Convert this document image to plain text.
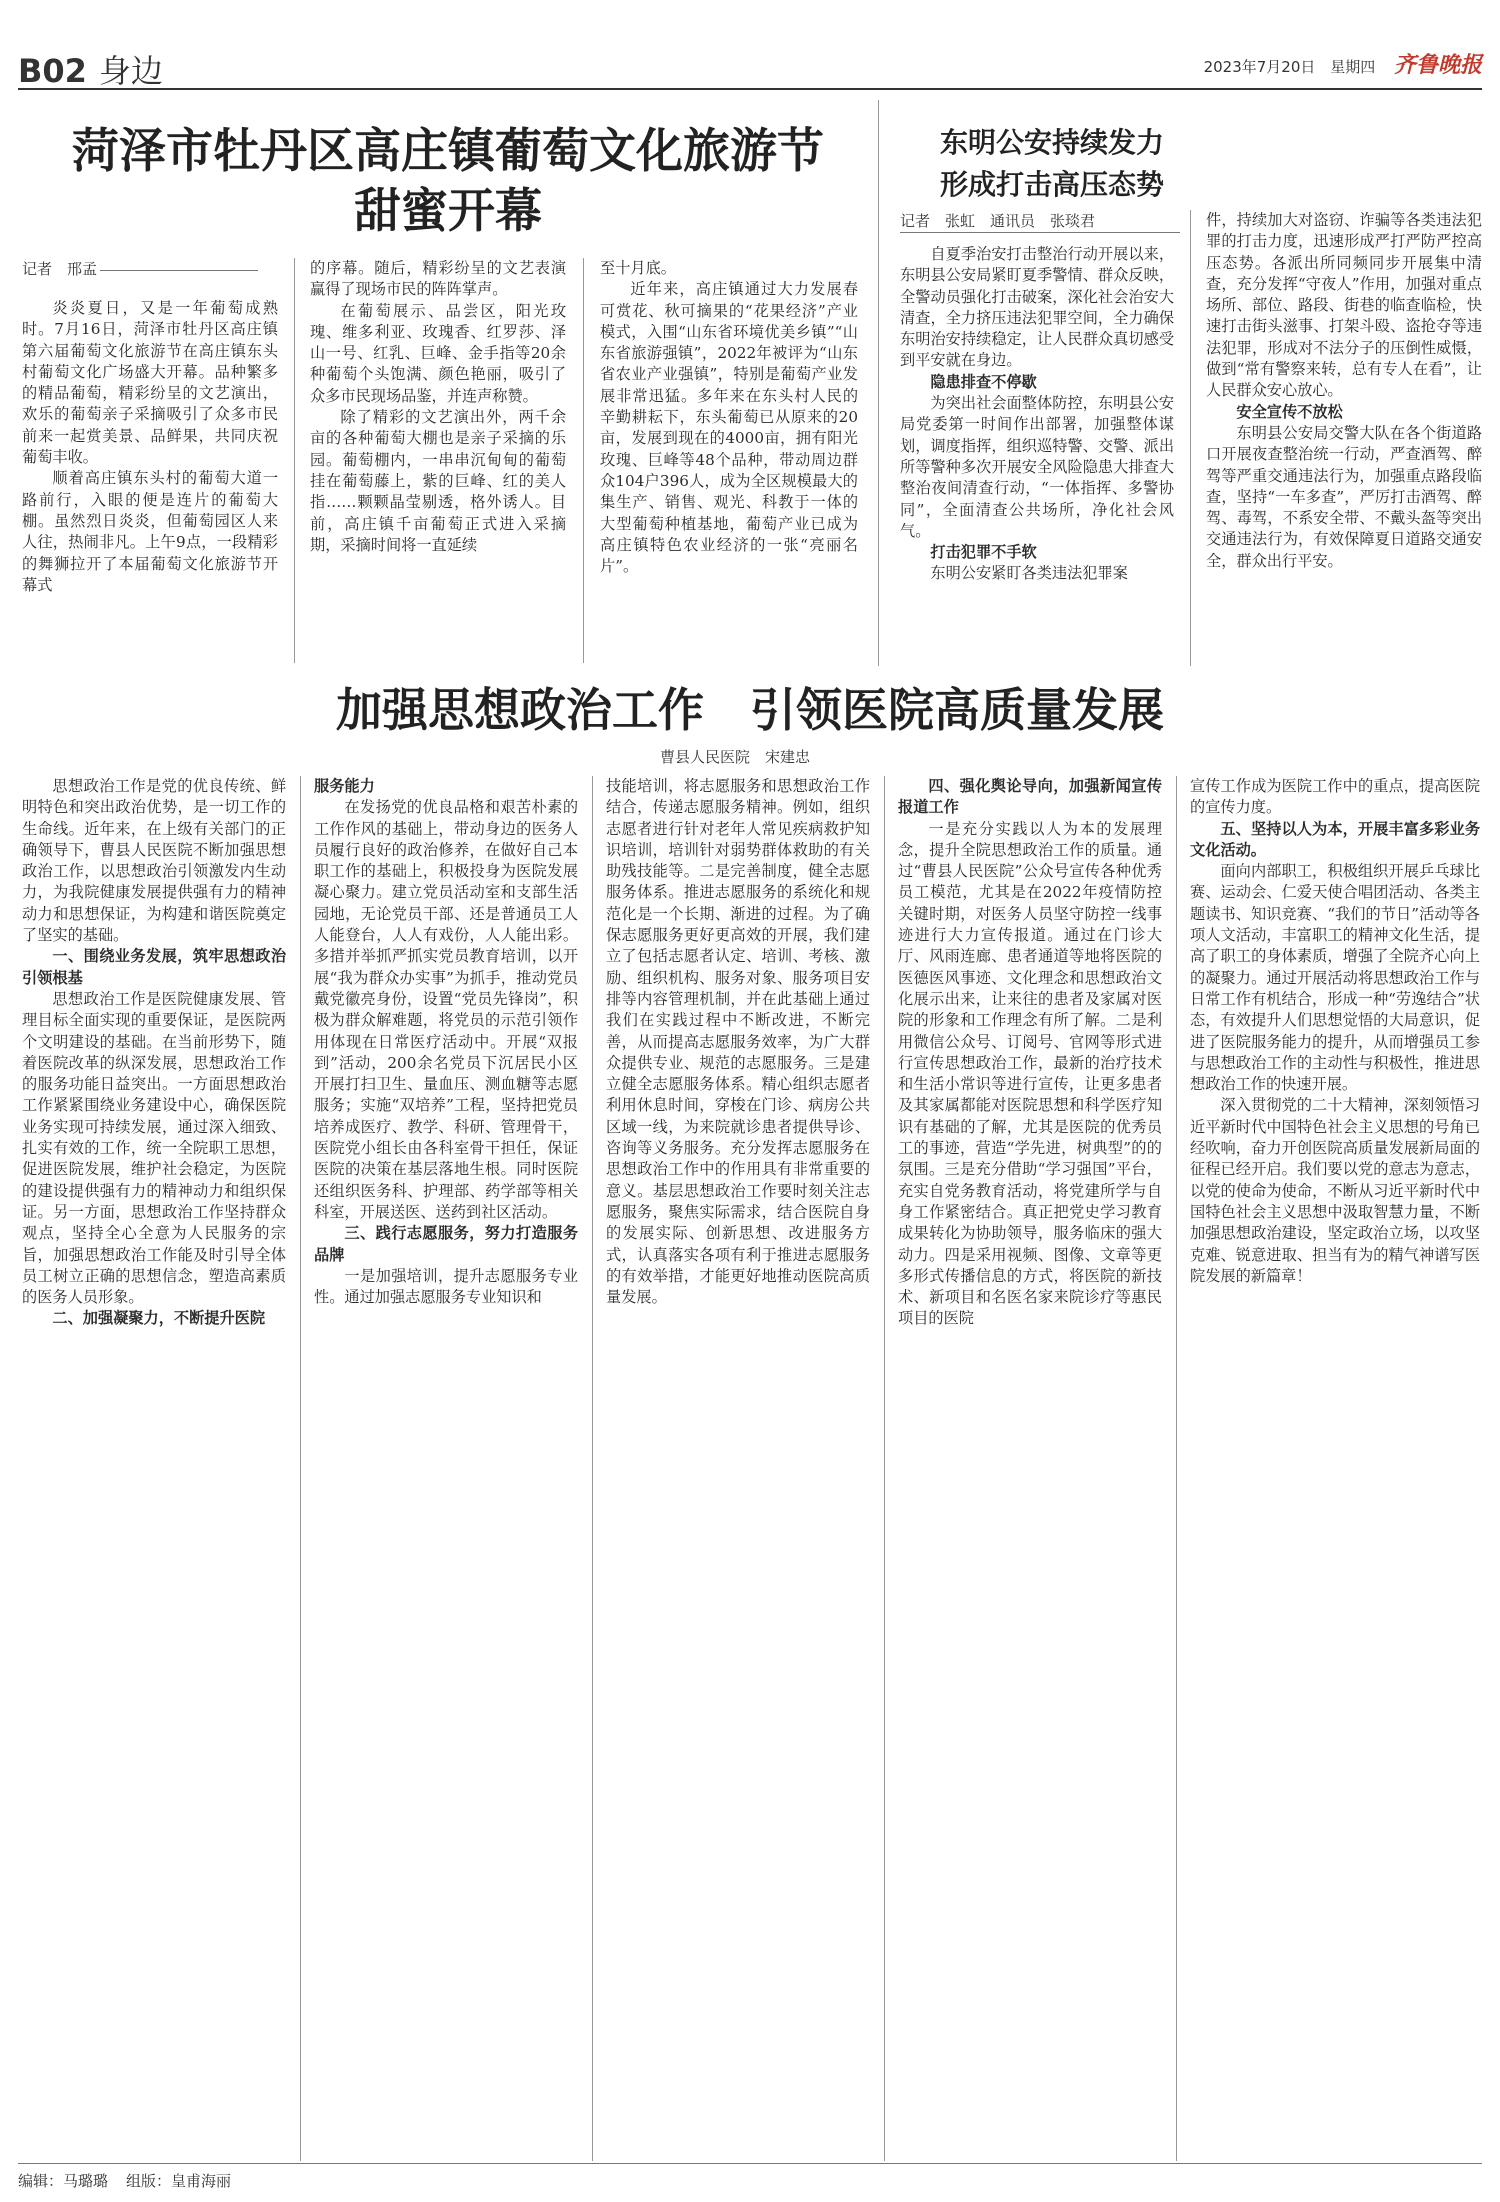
B02 身边	2023年7月20日 星期四 齐鲁晚报
菏泽市牡丹区高庄镇葡萄文化旅游节
甜蜜开幕
记者　邢孟

炎炎夏日，又是一年葡萄成熟时。7月16日，菏泽市牡丹区高庄镇第六届葡萄文化旅游节在高庄镇东头村葡萄文化广场盛大开幕。品种繁多的精品葡萄，精彩纷呈的文艺演出，欢乐的葡萄亲子采摘吸引了众多市民前来一起赏美景、品鲜果，共同庆祝葡萄丰收。

顺着高庄镇东头村的葡萄大道一路前行，入眼的便是连片的葡萄大棚。虽然烈日炎炎，但葡萄园区人来人往，热闹非凡。上午9点，一段精彩的舞狮拉开了本届葡萄文化旅游节开幕式

的序幕。随后，精彩纷呈的文艺表演赢得了现场市民的阵阵掌声。

在葡萄展示、品尝区，阳光玫瑰、维多利亚、玫瑰香、红罗莎、泽山一号、红乳、巨峰、金手指等20余种葡萄个头饱满、颜色艳丽，吸引了众多市民现场品鉴，并连声称赞。

除了精彩的文艺演出外，两千余亩的各种葡萄大棚也是亲子采摘的乐园。葡萄棚内，一串串沉甸甸的葡萄挂在葡萄藤上，紫的巨峰、红的美人指……颗颗晶莹剔透，格外诱人。目前，高庄镇千亩葡萄正式进入采摘期，采摘时间将一直延续

至十月底。

近年来，高庄镇通过大力发展春可赏花、秋可摘果的“花果经济”产业模式，入围“山东省环境优美乡镇”“山东省旅游强镇”，2022年被评为“山东省农业产业强镇”，特别是葡萄产业发展非常迅猛。多年来在东头村人民的辛勤耕耘下，东头葡萄已从原来的20亩，发展到现在的4000亩，拥有阳光玫瑰、巨峰等48个品种，带动周边群众104户396人，成为全区规模最大的集生产、销售、观光、科教于一体的大型葡萄种植基地，葡萄产业已成为高庄镇特色农业经济的一张“亮丽名片”。

东明公安持续发力
形成打击高压态势
记者　张虹　通讯员　张琰君

自夏季治安打击整治行动开展以来，东明县公安局紧盯夏季警情、群众反映，全警动员强化打击破案，深化社会治安大清查，全力挤压违法犯罪空间，全力确保东明治安持续稳定，让人民群众真切感受到平安就在身边。

隐患排查不停歇

为突出社会面整体防控，东明县公安局党委第一时间作出部署，加强整体谋划，调度指挥，组织巡特警、交警、派出所等警种多次开展安全风险隐患大排查大整治夜间清查行动，“一体指挥、多警协同”，全面清查公共场所，净化社会风气。

打击犯罪不手软

东明公安紧盯各类违法犯罪案

件，持续加大对盗窃、诈骗等各类违法犯罪的打击力度，迅速形成严打严防严控高压态势。各派出所同频同步开展集中清查，充分发挥“守夜人”作用，加强对重点场所、部位、路段、街巷的临查临检，快速打击街头滋事、打架斗殴、盗抢夺等违法犯罪，形成对不法分子的压倒性威慑，做到“常有警察来转，总有专人在看”，让人民群众安心放心。

安全宣传不放松

东明县公安局交警大队在各个街道路口开展夜查整治统一行动，严查酒驾、醉驾等严重交通违法行为，加强重点路段临查，坚持“一车多查”，严厉打击酒驾、醉驾、毒驾，不系安全带、不戴头盔等突出交通违法行为，有效保障夏日道路交通安全，群众出行平安。

加强思想政治工作　引领医院高质量发展
曹县人民医院　宋建忠

思想政治工作是党的优良传统、鲜明特色和突出政治优势，是一切工作的生命线。近年来，在上级有关部门的正确领导下，曹县人民医院不断加强思想政治工作，以思想政治引领激发内生动力，为我院健康发展提供强有力的精神动力和思想保证，为构建和谐医院奠定了坚实的基础。

一、围绕业务发展，筑牢思想政治引领根基

思想政治工作是医院健康发展、管理目标全面实现的重要保证，是医院两个文明建设的基础。在当前形势下，随着医院改革的纵深发展，思想政治工作的服务功能日益突出。一方面思想政治工作紧紧围绕业务建设中心，确保医院业务实现可持续发展，通过深入细致、扎实有效的工作，统一全院职工思想，促进医院发展，维护社会稳定，为医院的建设提供强有力的精神动力和组织保证。另一方面，思想政治工作坚持群众观点，坚持全心全意为人民服务的宗旨，加强思想政治工作能及时引导全体员工树立正确的思想信念，塑造高素质的医务人员形象。

二、加强凝聚力，不断提升医院

服务能力

在发扬党的优良品格和艰苦朴素的工作作风的基础上，带动身边的医务人员履行良好的政治修养，在做好自己本职工作的基础上，积极投身为医院发展凝心聚力。建立党员活动室和支部生活园地，无论党员干部、还是普通员工人人能登台，人人有戏份，人人能出彩。多措并举抓严抓实党员教育培训，以开展“我为群众办实事”为抓手，推动党员戴党徽亮身份，设置“党员先锋岗”，积极为群众解难题，将党员的示范引领作用体现在日常医疗活动中。开展“双报到”活动，200余名党员下沉居民小区开展打扫卫生、量血压、测血糖等志愿服务；实施“双培养”工程，坚持把党员培养成医疗、教学、科研、管理骨干，医院党小组长由各科室骨干担任，保证医院的决策在基层落地生根。同时医院还组织医务科、护理部、药学部等相关科室，开展送医、送药到社区活动。

三、践行志愿服务，努力打造服务品牌

一是加强培训，提升志愿服务专业性。通过加强志愿服务专业知识和

技能培训，将志愿服务和思想政治工作结合，传递志愿服务精神。例如，组织志愿者进行针对老年人常见疾病救护知识培训，培训针对弱势群体救助的有关助残技能等。二是完善制度，健全志愿服务体系。推进志愿服务的系统化和规范化是一个长期、渐进的过程。为了确保志愿服务更好更高效的开展，我们建立了包括志愿者认定、培训、考核、激励、组织机构、服务对象、服务项目安排等内容管理机制，并在此基础上通过我们在实践过程中不断改进，不断完善，从而提高志愿服务效率，为广大群众提供专业、规范的志愿服务。三是建立健全志愿服务体系。精心组织志愿者利用休息时间，穿梭在门诊、病房公共区域一线，为来院就诊患者提供导诊、咨询等义务服务。充分发挥志愿服务在思想政治工作中的作用具有非常重要的意义。基层思想政治工作要时刻关注志愿服务，聚焦实际需求，结合医院自身的发展实际、创新思想、改进服务方式，认真落实各项有利于推进志愿服务的有效举措，才能更好地推动医院高质量发展。

四、强化舆论导向，加强新闻宣传报道工作

一是充分实践以人为本的发展理念，提升全院思想政治工作的质量。通过“曹县人民医院”公众号宣传各种优秀员工模范，尤其是在2022年疫情防控关键时期，对医务人员坚守防控一线事迹进行大力宣传报道。通过在门诊大厅、风雨连廊、患者通道等地将医院的医德医风事迹、文化理念和思想政治文化展示出来，让来往的患者及家属对医院的形象和工作理念有所了解。二是利用微信公众号、订阅号、官网等形式进行宣传思想政治工作，最新的治疗技术和生活小常识等进行宣传，让更多患者及其家属都能对医院思想和科学医疗知识有基础的了解，尤其是医院的优秀员工的事迹，营造“学先进，树典型”的的氛围。三是充分借助“学习强国”平台，充实自党务教育活动，将党建所学与自身工作紧密结合。真正把党史学习教育成果转化为协助领导，服务临床的强大动力。四是采用视频、图像、文章等更多形式传播信息的方式，将医院的新技术、新项目和名医名家来院诊疗等惠民项目的医院

宣传工作成为医院工作中的重点，提高医院的宣传力度。

五、坚持以人为本，开展丰富多彩业务文化活动。

面向内部职工，积极组织开展乒乓球比赛、运动会、仁爱天使合唱团活动、各类主题读书、知识竞赛、“我们的节日”活动等各项人文活动，丰富职工的精神文化生活，提高了职工的身体素质，增强了全院齐心向上的凝聚力。通过开展活动将思想政治工作与日常工作有机结合，形成一种“劳逸结合”状态，有效提升人们思想觉悟的大局意识，促进了医院服务能力的提升，从而增强员工参与思想政治工作的主动性与积极性，推进思想政治工作的快速开展。

深入贯彻党的二十大精神，深刻领悟习近平新时代中国特色社会主义思想的号角已经吹响，奋力开创医院高质量发展新局面的征程已经开启。我们要以党的意志为意志，以党的使命为使命，不断从习近平新时代中国特色社会主义思想中汲取智慧力量，不断加强思想政治建设，坚定政治立场，以攻坚克难、锐意进取、担当有为的精气神谱写医院发展的新篇章！

编辑：马璐璐 组版：皇甫海丽
